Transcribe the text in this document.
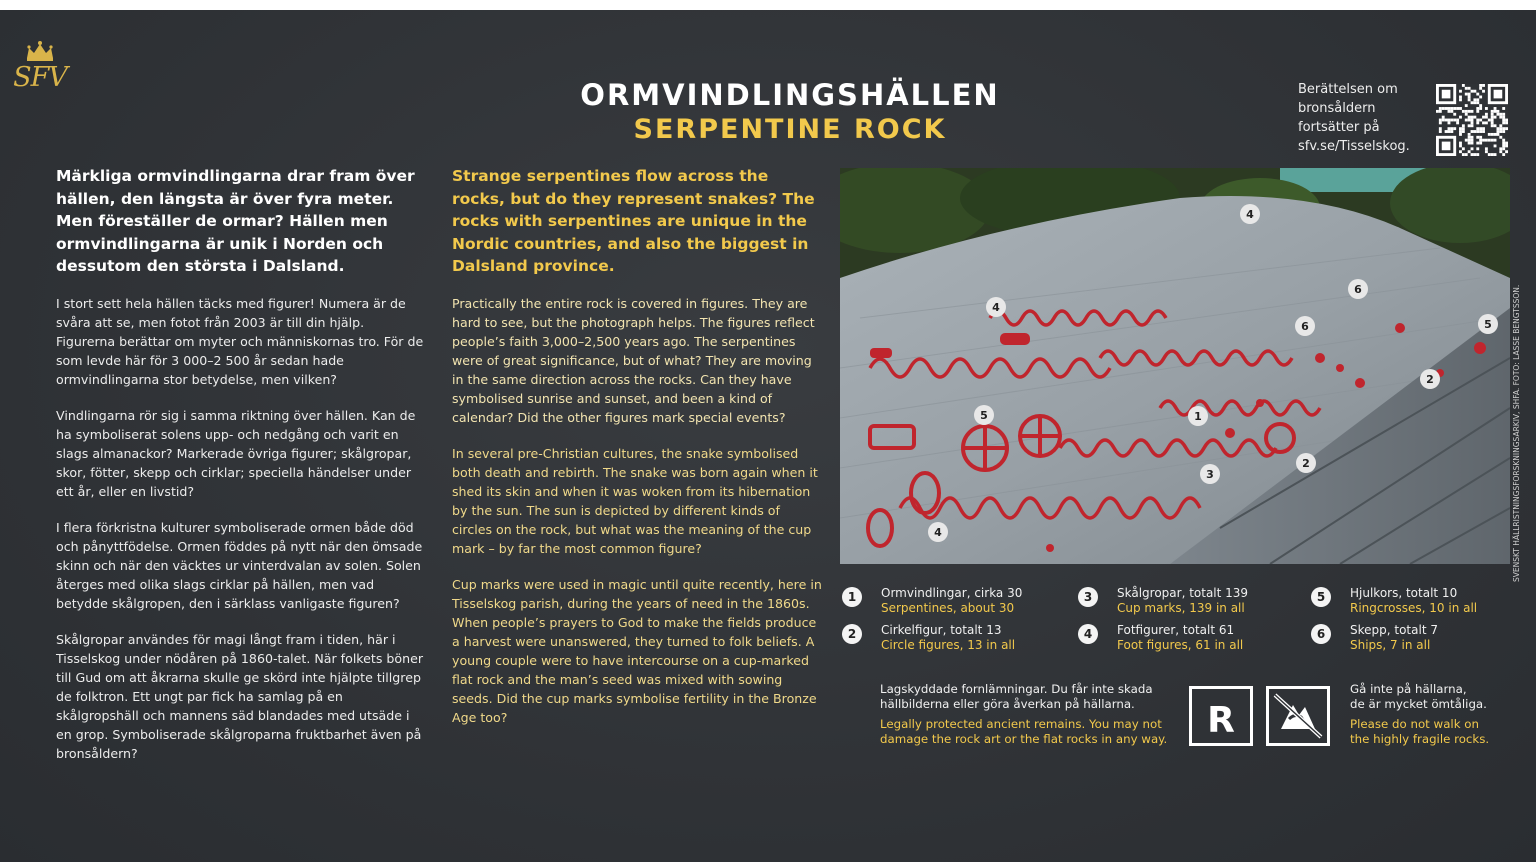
SFV
ORMVINDLINGSHÄLLEN
SERPENTINE ROCK
Berättelsen om
bronsåldern
fortsätter på
sfv.se/Tisselskog.

Märkliga ormvindlingarna drar fram över hällen, den längsta är över fyra meter. Men föreställer de ormar? Hällen men ormvindlingarna är unik i Norden och dessutom den största i Dalsland.

I stort sett hela hällen täcks med figurer! Numera är de svåra att se, men fotot från 2003 är till din hjälp. Figurerna berättar om myter och människornas tro. För de som levde här för 3 000–2 500 år sedan hade ormvindlingarna stor betydelse, men vilken?

Vindlingarna rör sig i samma riktning över hällen. Kan de ha symboliserat solens upp- och nedgång och varit en slags almanackor? Markerade övriga figurer; skålgropar, skor, fötter, skepp och cirklar; speciella händelser under ett år, eller en livstid?

I flera förkristna kulturer symboliserade ormen både död och pånyttfödelse. Ormen föddes på nytt när den ömsade skinn och när den väcktes ur vinterdvalan av solen. Solen återges med olika slags cirklar på hällen, men vad betydde skålgropen, den i särklass vanligaste figuren?

Skålgropar användes för magi långt fram i tiden, här i Tisselskog under nödåren på 1860-talet. När folkets böner till Gud om att åkrarna skulle ge skörd inte hjälpte tillgrep de folktron. Ett ungt par fick ha samlag på en skålgropshäll och mannens säd blandades med utsäde i en grop. Symboliserade skålgroparna fruktbarhet även på bronsåldern?

Strange serpentines flow across the rocks, but do they represent snakes? The rocks with serpentines are unique in the Nordic countries, and also the biggest in Dalsland province.

Practically the entire rock is covered in figures. They are hard to see, but the photograph helps. The figures reflect people’s faith 3,000–2,500 years ago. The serpentines were of great significance, but of what? They are moving in the same direction across the rocks. Can they have symbolised sunrise and sunset, and been a kind of calendar? Did the other figures mark special events?

In several pre-Christian cultures, the snake symbolised both death and rebirth. The snake was born again when it shed its skin and when it was woken from its hibernation by the sun. The sun is depicted by different kinds of circles on the rock, but what was the meaning of the cup mark – by far the most common figure?

Cup marks were used in magic until quite recently, here in Tisselskog parish, during the years of need in the 1860s. When people’s prayers to God to make the fields produce a harvest were unanswered, they turned to folk beliefs. A young couple were to have intercourse on a cup-marked flat rock and the man’s seed was mixed with sowing seeds. Did the cup marks symbolise fertility in the Bronze Age too?

4
4
6
6	5
2
5	1
3
2
4	SVENSKT HÄLLRISTNINGSFORSKNINGSARKIV, SHFA. FOTO: LASSE BENGTSSON.
1	Ormvindlingar, cirka 30
Serpentines, about 30
2	Cirkelfigur, totalt 13
Circle figures, 13 in all
3	Skålgropar, totalt 139
Cup marks, 139 in all
4	Fotfigurer, totalt 61
Foot figures, 61 in all
5	Hjulkors, totalt 10
Ringcrosses, 10 in all
6	Skepp, totalt 7
Ships, 7 in all
Lagskyddade fornlämningar. Du får inte skada
hällbilderna eller göra åverkan på hällarna.
Legally protected ancient remains. You may not
damage the rock art or the flat rocks in any way. R
Gå inte på hällarna,
de är mycket ömtåliga.
Please do not walk on
the highly fragile rocks.
